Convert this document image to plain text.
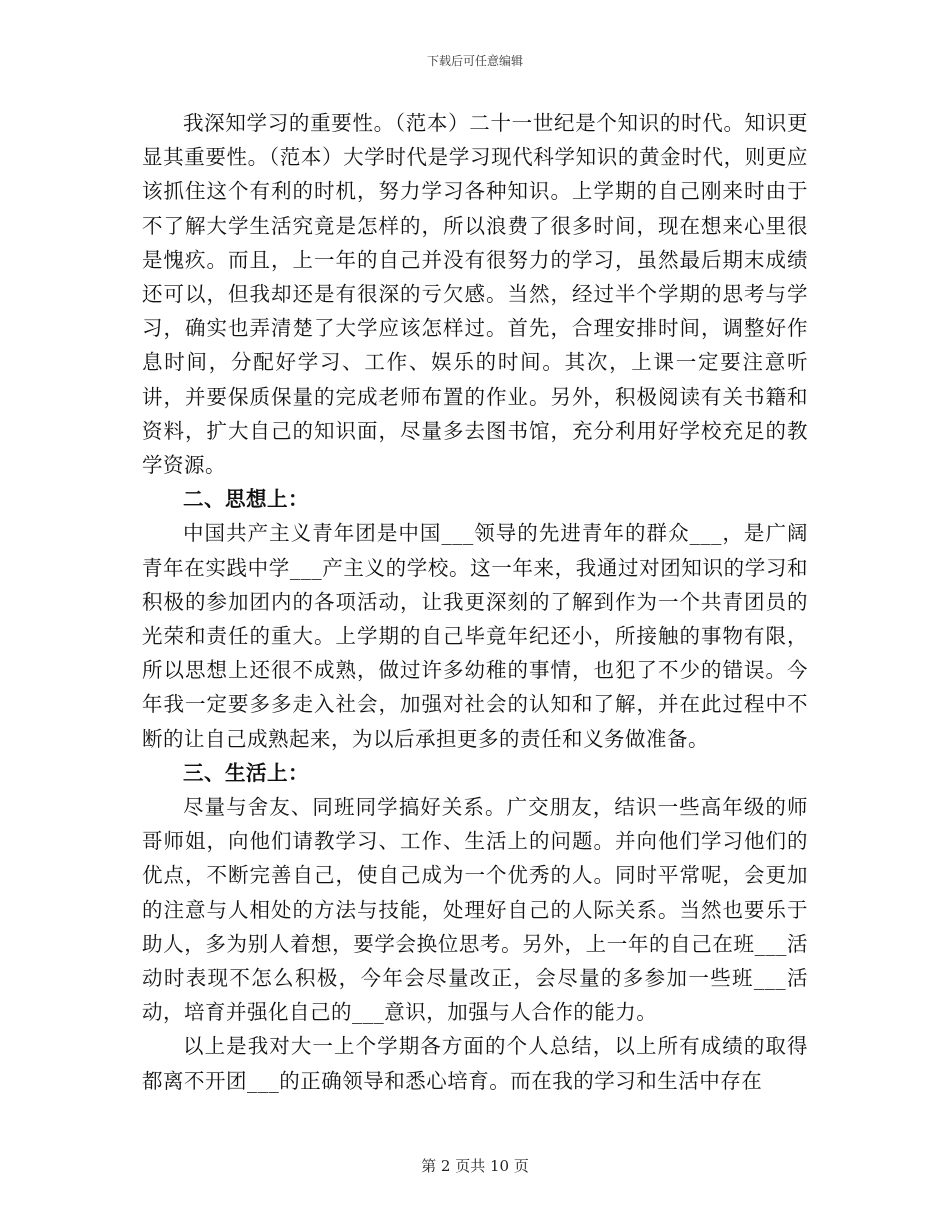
下载后可任意编辑

我深知学习的重要性。（范本）二十一世纪是个知识的时代。知识更显其重要性。（范本）大学时代是学习现代科学知识的黄金时代，则更应该抓住这个有利的时机，努力学习各种知识。上学期的自己刚来时由于不了解大学生活究竟是怎样的，所以浪费了很多时间，现在想来心里很是愧疚。而且，上一年的自己并没有很努力的学习，虽然最后期末成绩还可以，但我却还是有很深的亏欠感。当然，经过半个学期的思考与学习，确实也弄清楚了大学应该怎样过。首先，合理安排时间，调整好作息时间，分配好学习、工作、娱乐的时间。其次，上课一定要注意听讲，并要保质保量的完成老师布置的作业。另外，积极阅读有关书籍和资料，扩大自己的知识面，尽量多去图书馆，充分利用好学校充足的教学资源。

二、思想上：

中国共产主义青年团是中国___领导的先进青年的群众___，是广阔青年在实践中学___产主义的学校。这一年来，我通过对团知识的学习和积极的参加团内的各项活动，让我更深刻的了解到作为一个共青团员的光荣和责任的重大。上学期的自己毕竟年纪还小，所接触的事物有限，所以思想上还很不成熟，做过许多幼稚的事情，也犯了不少的错误。今年我一定要多多走入社会，加强对社会的认知和了解，并在此过程中不断的让自己成熟起来，为以后承担更多的责任和义务做准备。

三、生活上：

尽量与舍友、同班同学搞好关系。广交朋友，结识一些高年级的师哥师姐，向他们请教学习、工作、生活上的问题。并向他们学习他们的优点，不断完善自己，使自己成为一个优秀的人。同时平常呢，会更加的注意与人相处的方法与技能，处理好自己的人际关系。当然也要乐于助人，多为别人着想，要学会换位思考。另外，上一年的自己在班___活动时表现不怎么积极，今年会尽量改正，会尽量的多参加一些班___活动，培育并强化自己的___意识，加强与人合作的能力。

以上是我对大一上个学期各方面的个人总结，以上所有成绩的取得都离不开团___的正确领导和悉心培育。而在我的学习和生活中存在

第 2 页共 10 页
